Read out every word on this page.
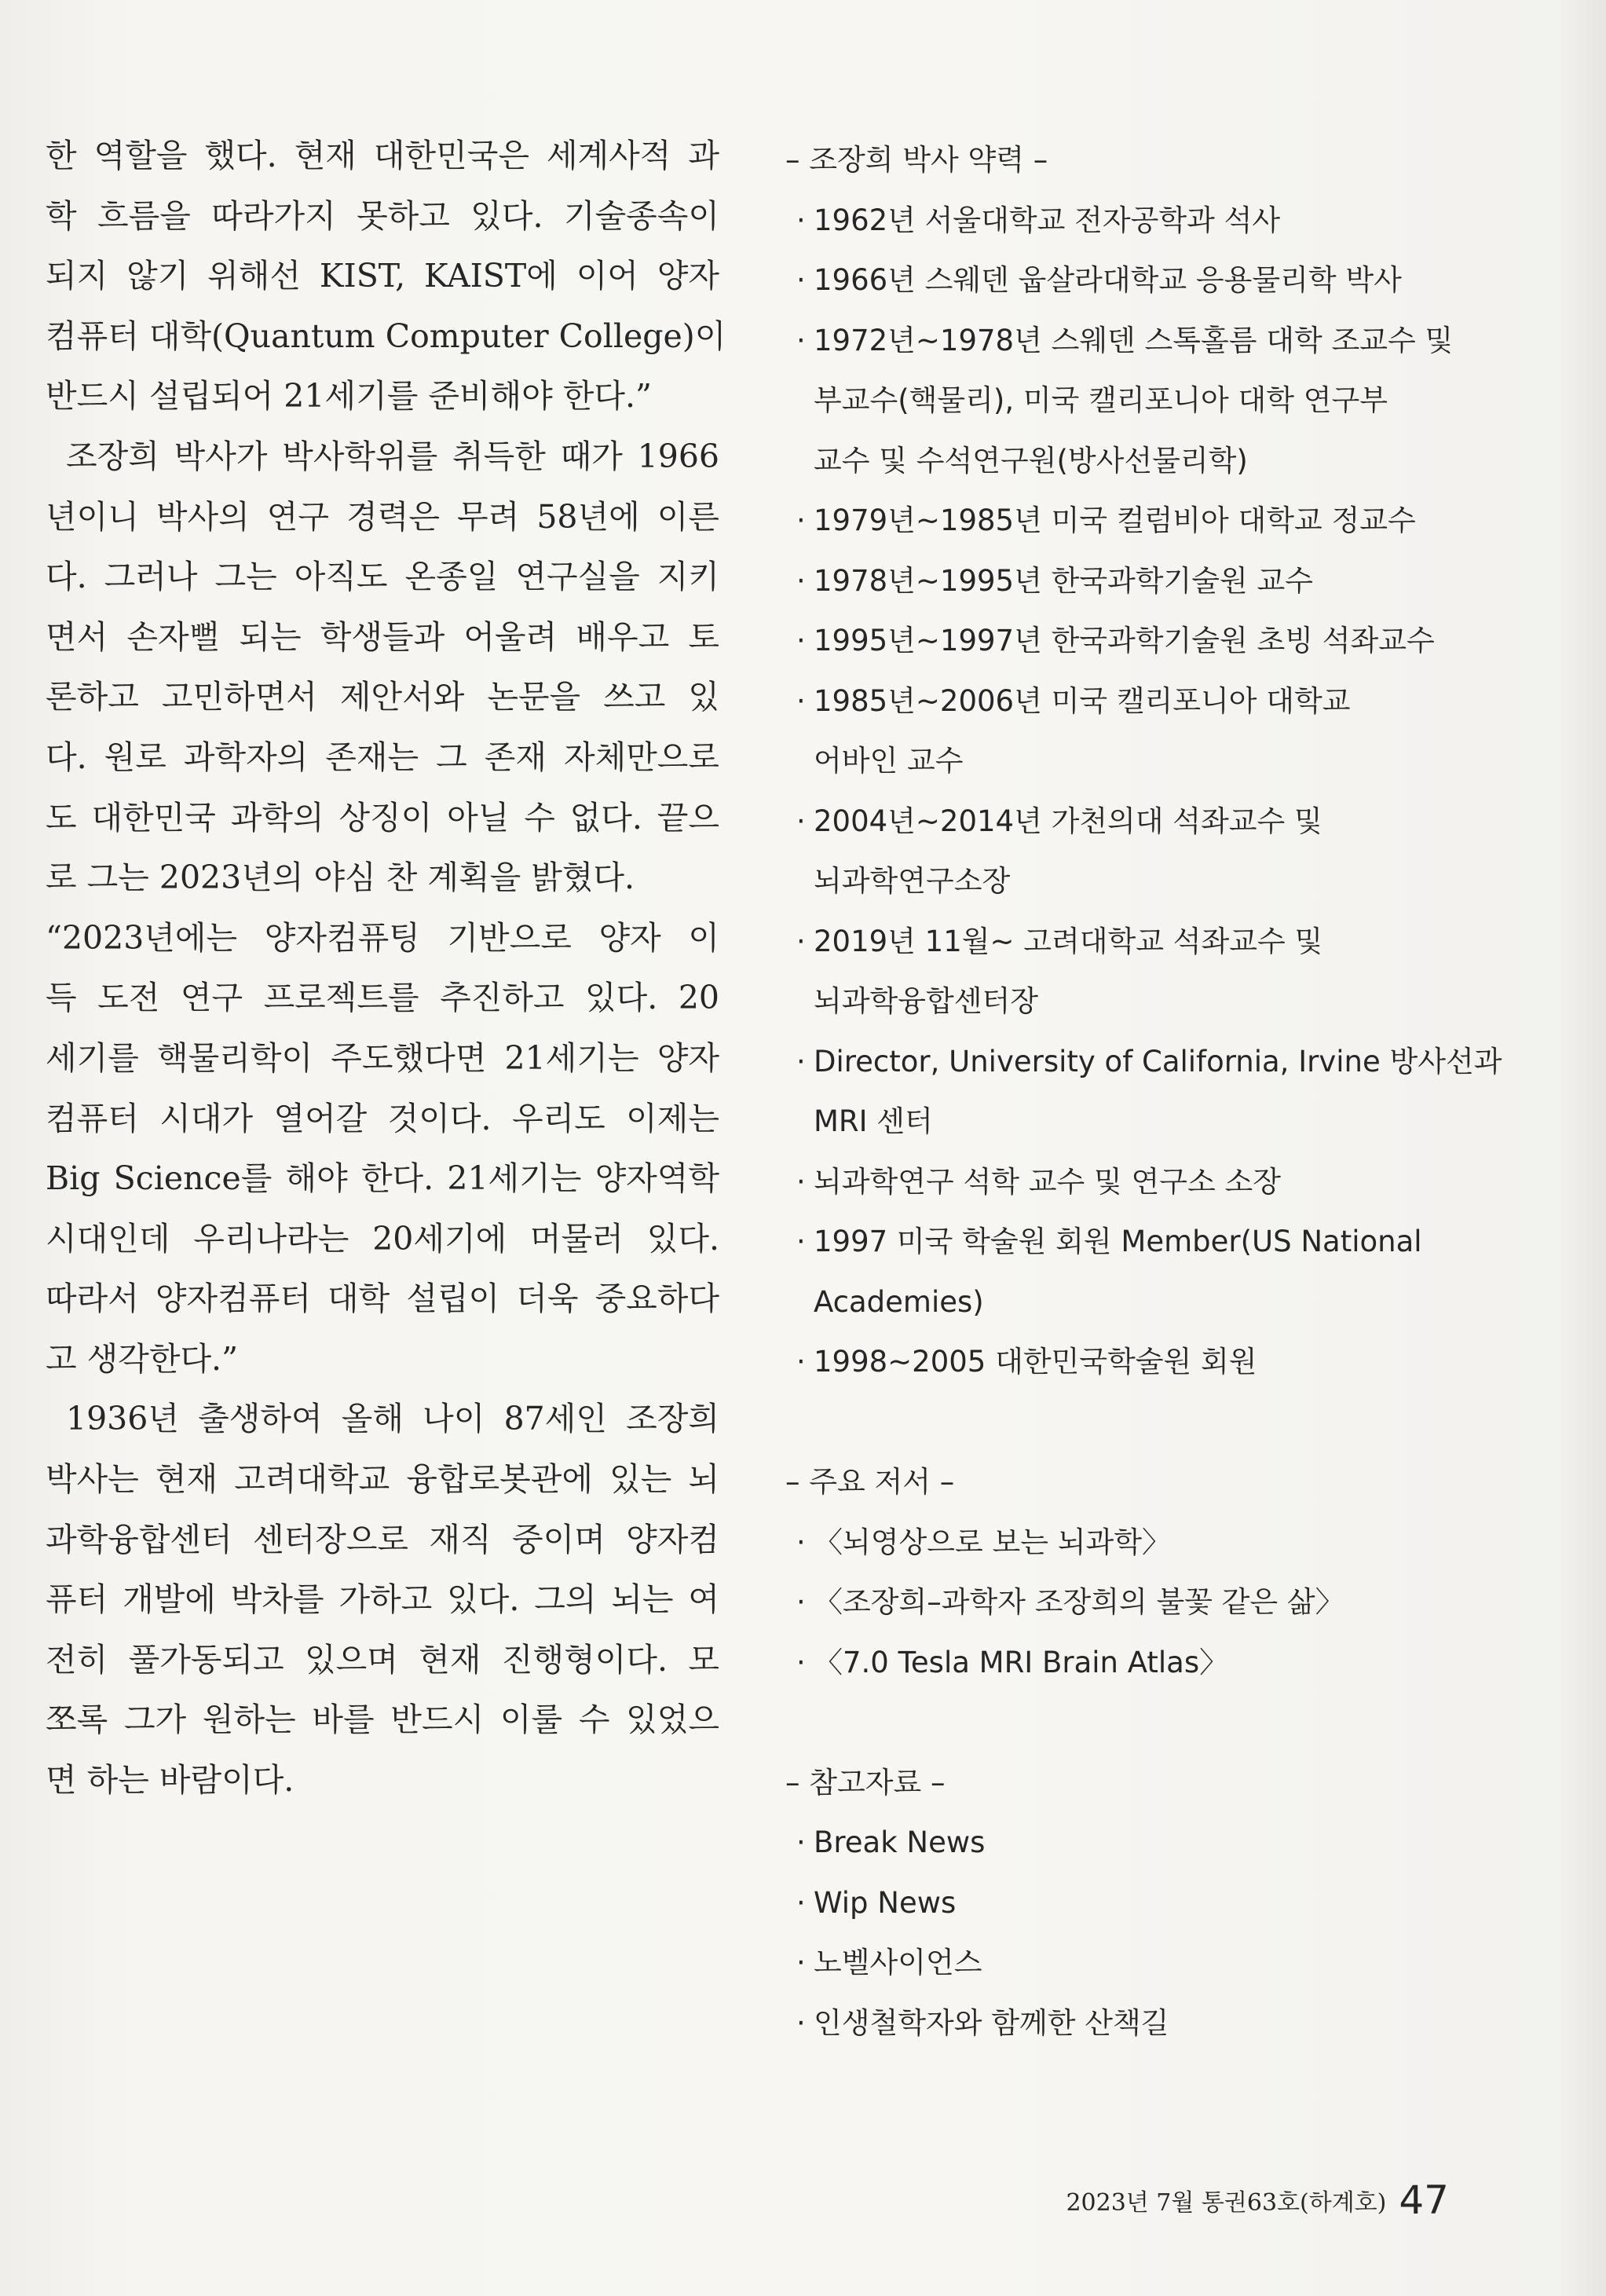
한 역할을 했다. 현재 대한민국은 세계사적 과
학 흐름을 따라가지 못하고 있다. 기술종속이
되지 않기 위해선 KIST, KAIST에 이어 양자
컴퓨터 대학(Quantum Computer College)이
반드시 설립되어 21세기를 준비해야 한다.”
조장희 박사가 박사학위를 취득한 때가 1966
년이니 박사의 연구 경력은 무려 58년에 이른
다. 그러나 그는 아직도 온종일 연구실을 지키
면서 손자뻘 되는 학생들과 어울려 배우고 토
론하고 고민하면서 제안서와 논문을 쓰고 있
다. 원로 과학자의 존재는 그 존재 자체만으로
도 대한민국 과학의 상징이 아닐 수 없다. 끝으
로 그는 2023년의 야심 찬 계획을 밝혔다.
“2023년에는 양자컴퓨팅 기반으로 양자 이
득 도전 연구 프로젝트를 추진하고 있다. 20
세기를 핵물리학이 주도했다면 21세기는 양자
컴퓨터 시대가 열어갈 것이다. 우리도 이제는
Big Science를 해야 한다. 21세기는 양자역학
시대인데 우리나라는 20세기에 머물러 있다.
따라서 양자컴퓨터 대학 설립이 더욱 중요하다
고 생각한다.”
1936년 출생하여 올해 나이 87세인 조장희
박사는 현재 고려대학교 융합로봇관에 있는 뇌
과학융합센터 센터장으로 재직 중이며 양자컴
퓨터 개발에 박차를 가하고 있다. 그의 뇌는 여
전히 풀가동되고 있으며 현재 진행형이다. 모
쪼록 그가 원하는 바를 반드시 이룰 수 있었으
면 하는 바람이다.
– 조장희 박사 약력 –
· 1962년 서울대학교 전자공학과 석사
· 1966년 스웨덴 웁살라대학교 응용물리학 박사
· 1972년~1978년 스웨덴 스톡홀름 대학 조교수 및
부교수(핵물리), 미국 캘리포니아 대학 연구부
교수 및 수석연구원(방사선물리학)
· 1979년~1985년 미국 컬럼비아 대학교 정교수
· 1978년~1995년 한국과학기술원 교수
· 1995년~1997년 한국과학기술원 초빙 석좌교수
· 1985년~2006년 미국 캘리포니아 대학교
어바인 교수
· 2004년~2014년 가천의대 석좌교수 및
뇌과학연구소장
· 2019년 11월~ 고려대학교 석좌교수 및
뇌과학융합센터장
· Director, University of California, Irvine 방사선과
MRI 센터
· 뇌과학연구 석학 교수 및 연구소 소장
· 1997 미국 학술원 회원 Member(US National
Academies)
· 1998~2005 대한민국학술원 회원
– 주요 저서 –
· 〈뇌영상으로 보는 뇌과학〉
· 〈조장희–과학자 조장희의 불꽃 같은 삶〉
· 〈7.0 Tesla MRI Brain Atlas〉
– 참고자료 –
· Break News
· Wip News
· 노벨사이언스
· 인생철학자와 함께한 산책길
2023년 7월 통권63호(하계호) 47
